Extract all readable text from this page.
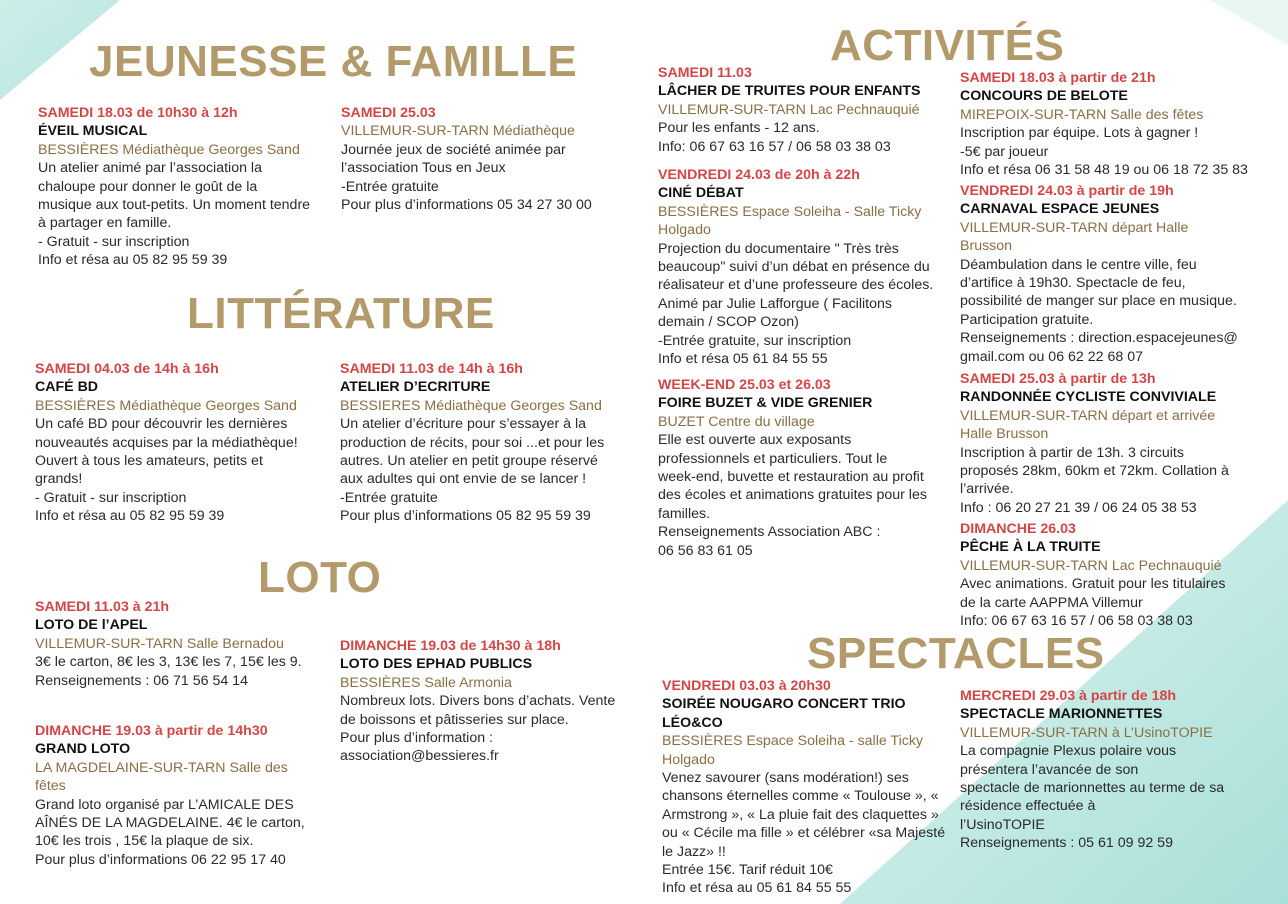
JEUNESSE & FAMILLE
LITTÉRATURE
LOTO
ACTIVITÉS
SPECTACLES
SAMEDI 18.03 de 10h30 à 12h
ÉVEIL MUSICAL
BESSIÈRES Médiathèque Georges Sand
Un atelier animé par l’association la
chaloupe pour donner le goût de la
musique aux tout-petits. Un moment tendre
à partager en famille.
- Gratuit - sur inscription
Info et résa au 05 82 95 59 39
SAMEDI 25.03
VILLEMUR-SUR-TARN Médiathèque
Journée jeux de société animée par
l’association Tous en Jeux
-Entrée gratuite
Pour plus d’informations 05 34 27 30 00
SAMEDI 04.03 de 14h à 16h
CAFÉ BD
BESSIÈRES Médiathèque Georges Sand
Un café BD pour découvrir les dernières
nouveautés acquises par la médiathèque!
Ouvert à tous les amateurs, petits et
grands!
- Gratuit - sur inscription
Info et résa au 05 82 95 59 39
SAMEDI 11.03 de 14h à 16h
ATELIER D’ECRITURE
BESSIERES Médiathèque Georges Sand
Un atelier d’écriture pour s’essayer à la
production de récits, pour soi ...et pour les
autres. Un atelier en petit groupe réservé
aux adultes qui ont envie de se lancer !
-Entrée gratuite
Pour plus d’informations 05 82 95 59 39
SAMEDI 11.03 à 21h
LOTO DE l’APEL
VILLEMUR-SUR-TARN Salle Bernadou
3€ le carton, 8€ les 3, 13€ les 7, 15€ les 9.
Renseignements : 06 71 56 54 14
DIMANCHE 19.03 à partir de 14h30
GRAND LOTO
LA MAGDELAINE-SUR-TARN Salle des
fêtes
Grand loto organisé par L’AMICALE DES
AÎNÉS DE LA MAGDELAINE. 4€ le carton,
10€ les trois , 15€ la plaque de six.
Pour plus d’informations 06 22 95 17 40
DIMANCHE 19.03 de 14h30 à 18h
LOTO DES EPHAD PUBLICS
BESSIÈRES Salle Armonia
Nombreux lots. Divers bons d’achats. Vente
de boissons et pâtisseries sur place.
Pour plus d’information :
association@bessieres.fr
SAMEDI 11.03
LÂCHER DE TRUITES POUR ENFANTS
VILLEMUR-SUR-TARN Lac Pechnauquié
Pour les enfants - 12 ans.
Info: 06 67 63 16 57 / 06 58 03 38 03
VENDREDI 24.03 de 20h à 22h
CINÉ DÉBAT
BESSIÈRES Espace Soleiha - Salle Ticky
Holgado
Projection du documentaire " Très très
beaucoup" suivi d’un débat en présence du
réalisateur et d’une professeure des écoles.
Animé par Julie Lafforgue ( Facilitons
demain / SCOP Ozon)
-Entrée gratuite, sur inscription
Info et résa 05 61 84 55 55
WEEK-END 25.03 et 26.03
FOIRE BUZET & VIDE GRENIER
BUZET Centre du village
Elle est ouverte aux exposants
professionnels et particuliers. Tout le
week-end, buvette et restauration au profit
des écoles et animations gratuites pour les
familles.
Renseignements Association ABC :
06 56 83 61 05
SAMEDI 18.03 à partir de 21h
CONCOURS DE BELOTE
MIREPOIX-SUR-TARN Salle des fêtes
Inscription par équipe. Lots à gagner !
-5€ par joueur
Info et résa 06 31 58 48 19 ou 06 18 72 35 83
VENDREDI 24.03 à partir de 19h
CARNAVAL ESPACE JEUNES
VILLEMUR-SUR-TARN départ Halle
Brusson
Déambulation dans le centre ville, feu
d’artifice à 19h30. Spectacle de feu,
possibilité de manger sur place en musique.
Participation gratuite.
Renseignements : direction.espacejeunes@
gmail.com ou 06 62 22 68 07
SAMEDI 25.03 à partir de 13h
RANDONNÉE CYCLISTE CONVIVIALE
VILLEMUR-SUR-TARN départ et arrivée
Halle Brusson
Inscription à partir de 13h. 3 circuits
proposés 28km, 60km et 72km. Collation à
l’arrivée.
Info : 06 20 27 21 39 / 06 24 05 38 53
DIMANCHE 26.03
PÊCHE À LA TRUITE
VILLEMUR-SUR-TARN Lac Pechnauquié
Avec animations. Gratuit pour les titulaires
de la carte AAPPMA Villemur
Info: 06 67 63 16 57 / 06 58 03 38 03
VENDREDI 03.03 à 20h30
SOIRÉE NOUGARO CONCERT TRIO
LÉO&CO
BESSIÈRES Espace Soleiha - salle Ticky
Holgado
Venez savourer (sans modération!) ses
chansons éternelles comme « Toulouse », «
Armstrong », « La pluie fait des claquettes »
ou « Cécile ma fille » et célébrer «sa Majesté
le Jazz» !!
Entrée 15€. Tarif réduit 10€
Info et résa au 05 61 84 55 55
MERCREDI 29.03 à partir de 18h
SPECTACLE MARIONNETTES
VILLEMUR-SUR-TARN à L’UsinoTOPIE
La compagnie Plexus polaire vous
présentera l’avancée de son
spectacle de marionnettes au terme de sa
résidence effectuée à
l’UsinoTOPIE
Renseignements : 05 61 09 92 59
